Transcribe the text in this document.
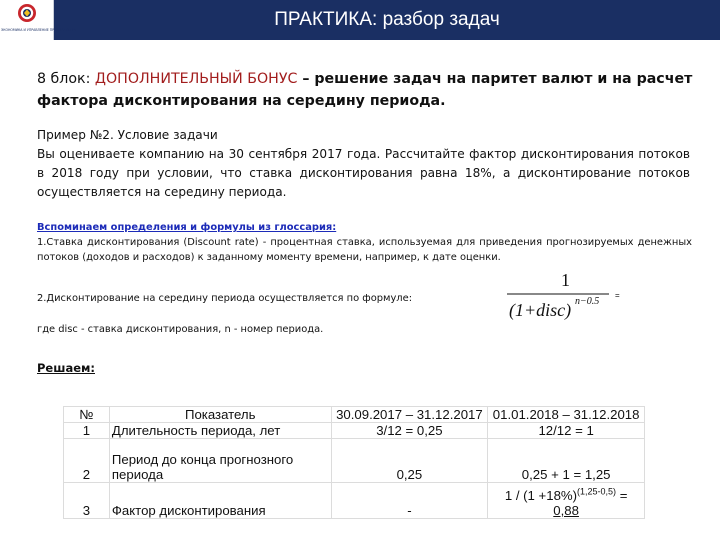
ЭКОНОМИКА И УПРАВЛЕНИЕ ПРЕДПРИЯТИЕМ	ПРАКТИКА: разбор задач
8 блок: ДОПОЛНИТЕЛЬНЫЙ БОНУС – решение задач на паритет валют и на расчет фактора дисконтирования на середину периода.
Пример №2. Условие задачи
Вы оцениваете компанию на 30 сентября 2017 года. Рассчитайте фактор дисконтирования потоков в 2018 году при условии, что ставка дисконтирования равна 18%, а дисконтирование потоков осуществляется на середину периода.
Вспоминаем определения и формулы из глоссария:
1.Ставка дисконтирования (Discount rate) - процентная ставка, используемая для приведения прогнозируемых денежных потоков (доходов и расходов) к заданному моменту времени, например, к дате оценки.
2.Дисконтирование на середину периода осуществляется по формуле:
1
(1+disc) n−0.5
=
где disc - ставка дисконтирования, n - номер периода.
Решаем:
№	Показатель	30.09.2017 – 31.12.2017	01.01.2018 – 31.12.2018
1	Длительность периода, лет	3/12 = 0,25	12/12 = 1
2	Период до конца прогнозного периода	0,25	0,25 + 1 = 1,25
3	Фактор дисконтирования	-	$1 / (1 +18\%)^{(1,25-0,5)}$ =
0,88
